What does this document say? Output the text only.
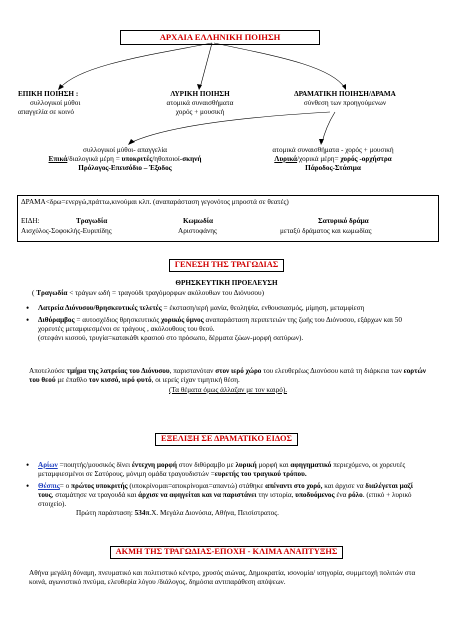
ΑΡΧΑΙΑ ΕΛΛΗΝΙΚΗ ΠΟΙΗΣΗ
ΕΠΙΚΗ ΠΟΙΗΣΗ :
συλλογικοί μύθοι
απαγγελία σε κοινό
ΛΥΡΙΚΗ ΠΟΙΗΣΗ
ατομικά συναισθήματα
χορός + μουσική
ΔΡΑΜΑΤΙΚΗ ΠΟΙΗΣΗ/ΔΡΑΜΑ
σύνθεση των προηγούμενων
συλλογικοί μύθοι- απαγγελία
Επικά/διαλογικά μέρη = υποκριτές/ηθοποιοί-σκηνή
Πρόλογος-Επεισόδιο – Έξοδος
ατομικά συναισθήματα - χορός + μουσική
Λυρικά/χορικά μέρη= χορός -ορχήστρα
Πάροδος-Στάσιμα
ΔΡΑΜΑ<δρω=ενεργώ,πράττω,κινούμαι κλπ. (αναπαράσταση γεγονότος μπροστά σε θεατές)
ΕΙΔΗ:	Τραγωδία	Κωμωδία	Σατυρικό δράμα
Αισχύλος-Σοφοκλής-Ευριπίδης	Αριστοφάνης	μεταξύ δράματος και κωμωδίας
ΓΕΝΕΣΗ ΤΗΣ ΤΡΑΓΩΔΙΑΣ
ΘΡΗΣΚΕΥΤΙΚΗ ΠΡΟΕΛΕΥΣΗ
( Τραγωδία < τράγων ωδή = τραγούδι τραγόμορφων ακόλουθων του Διόνυσου)
• Λατρεία Διόνυσου/θρησκευτικές τελετές = έκσταση/ιερή μανία, θεοληψία, ενθουσιασμός, μίμηση, μεταμφίεση
• Διθύραμβος = αυτοσχέδιος θρησκευτικός χορικός ύμνος αναπαράσταση περιπετειών της ζωής του Διόνυσου, εξάρχων και 50 χορευτές μεταμφιεσμένοι σε τράγους , ακόλουθους του θεού.
(στεφάνι κισσού, τρυγία=κατακάθι κρασιού στο πρόσωπο, δέρματα ζώων-μορφή σατύρων).
Αποτελούσε τμήμα της λατρείας του Διόνυσου, παριστανόταν στον ιερό χώρο του ελευθερέως Διονύσου κατά τη διάρκεια των εορτών του θεού με έπαθλο τον κισσό, ιερό φυτό, οι ιερείς είχαν τιμητική θέση.
(Τα θέματα όμως άλλαζαν με τον καιρό).
ΕΞΕΛΙΞΗ ΣΕ ΔΡΑΜΑΤΙΚΟ ΕΙΔΟΣ
• Αρίων =ποιητής/μουσικός δίνει έντεχνη μορφή στον διθύραμβο με λυρική μορφή και αφηγηματικό περιεχόμενο, οι χορευτές μεταμφιεσμένοι σε Σατύρους, μόνιμη ομάδα τραγουδιστών =ευρετής του τραγικού τρόπου.
• Θέσπις= ο πρώτος υποκριτής (υποκρίνομαι=αποκρίνομαι=απαντώ) στάθηκε απέναντι στο χορό, και άρχισε να διαλέγεται μαζί τους, σταμάτησε να τραγουδά και άρχισε να αφηγείται και να παριστάνει την ιστορία, υποδυόμενος ένα ρόλο. (επικό + λυρικό στοιχείο).
Πρώτη παράσταση: 534π.Χ. Μεγάλα Διονύσια, Αθήνα, Πεισίστρατος.
ΑΚΜΗ ΤΗΣ ΤΡΑΓΩΔΙΑΣ-ΕΠΟΧΗ - ΚΛΙΜΑ ΑΝΑΠΤΥΞΗΣ
Αθήνα μεγάλη δύναμη, πνευματικό και πολιτιστικό κέντρο, χρυσός αιώνας, Δημοκρατία, ισονομία/ ισηγορία, συμμετοχή πολιτών στα κοινά, αγωνιστικό πνεύμα, ελευθερία λόγου /διάλογος, δημόσια αντιπαράθεση απόψεων.
